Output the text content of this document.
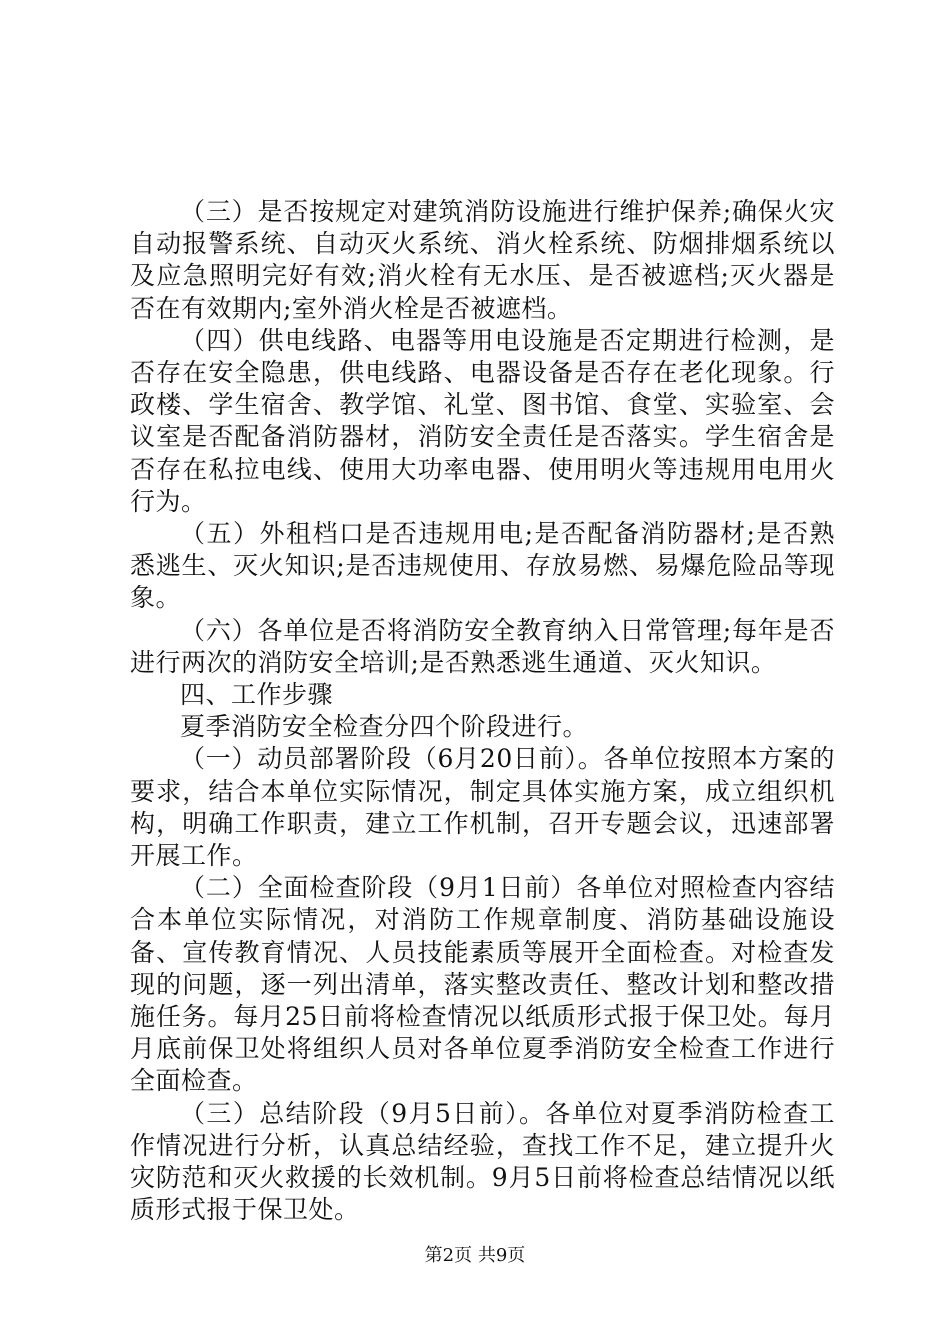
（三）是否按规定对建筑消防设施进行维护保养;确保火灾自动报警系统、自动灭火系统、消火栓系统、防烟排烟系统以及应急照明完好有效;消火栓有无水压、是否被遮档;灭火器是否在有效期内;室外消火栓是否被遮档。

（四）供电线路、电器等用电设施是否定期进行检测，是否存在安全隐患，供电线路、电器设备是否存在老化现象。行政楼、学生宿舍、教学馆、礼堂、图书馆、食堂、实验室、会议室是否配备消防器材，消防安全责任是否落实。学生宿舍是否存在私拉电线、使用大功率电器、使用明火等违规用电用火行为。

（五）外租档口是否违规用电;是否配备消防器材;是否熟悉逃生、灭火知识;是否违规使用、存放易燃、易爆危险品等现象。

（六）各单位是否将消防安全教育纳入日常管理;每年是否进行两次的消防安全培训;是否熟悉逃生通道、灭火知识。

四、工作步骤

夏季消防安全检查分四个阶段进行。

（一）动员部署阶段（6月20日前）。各单位按照本方案的要求，结合本单位实际情况，制定具体实施方案，成立组织机构，明确工作职责，建立工作机制，召开专题会议，迅速部署开展工作。

（二）全面检查阶段（9月1日前）各单位对照检查内容结合本单位实际情况，对消防工作规章制度、消防基础设施设备、宣传教育情况、人员技能素质等展开全面检查。对检查发现的问题，逐一列出清单，落实整改责任、整改计划和整改措施任务。每月25日前将检查情况以纸质形式报于保卫处。每月月底前保卫处将组织人员对各单位夏季消防安全检查工作进行全面检查。

（三）总结阶段（9月5日前）。各单位对夏季消防检查工作情况进行分析，认真总结经验，查找工作不足，建立提升火灾防范和灭火救援的长效机制。9月5日前将检查总结情况以纸质形式报于保卫处。

第2页 共9页
